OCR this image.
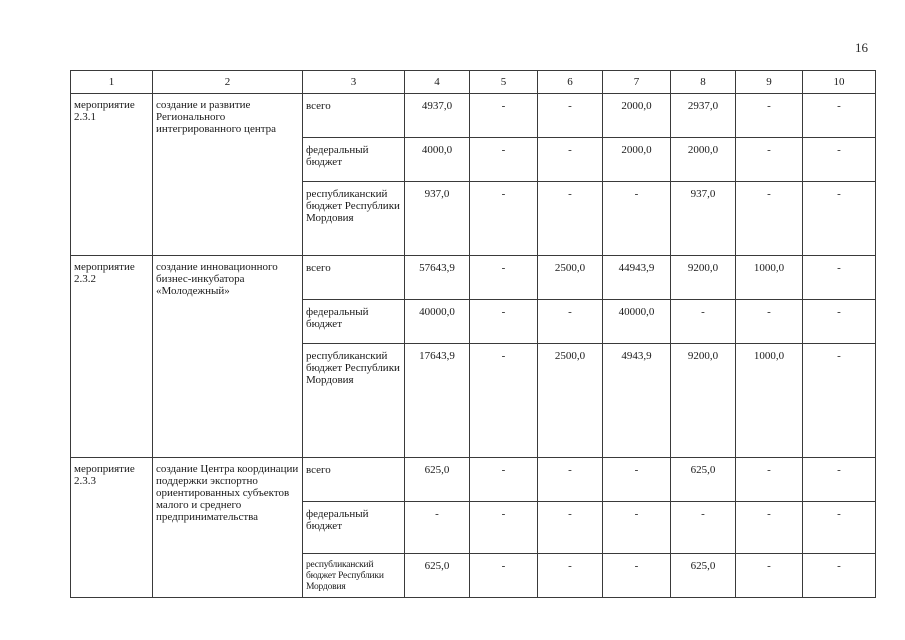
16
1	2	3	4	5	6	7	8	9	10
мероприятие 2.3.1	создание и развитие Регионального интегрированного центра	всего	4937,0	-	-	2000,0	2937,0	-	-
		федеральный бюджет	4000,0	-	-	2000,0	2000,0	-	-
		республиканский бюджет Республики Мордовия	937,0	-	-	-	937,0	-	-
мероприятие 2.3.2	создание инновационного бизнес-инкубатора «Молодежный»	всего	57643,9	-	2500,0	44943,9	9200,0	1000,0	-
		федеральный бюджет	40000,0	-	-	40000,0	-	-	-
		республиканский бюджет Республики Мордовия	17643,9	-	2500,0	4943,9	9200,0	1000,0	-
мероприятие 2.3.3	создание Центра координации поддержки экспортно ориентированных субъектов малого и среднего предпринимательства	всего	625,0	-	-	-	625,0	-	-
		федеральный бюджет	-	-	-	-	-	-	-
		республиканский бюджет Республики Мордовия	625,0	-	-	-	625,0	-	-
